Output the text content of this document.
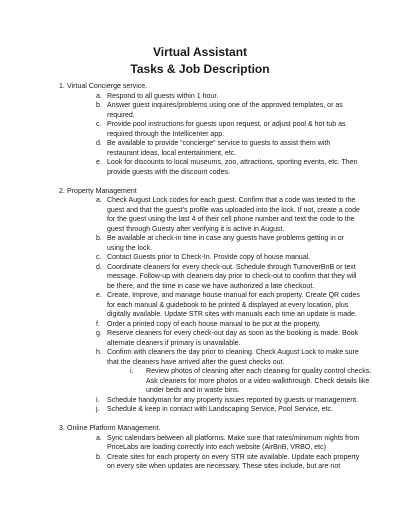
Virtual Assistant
Tasks & Job Description
1. Virtual Concierge service.
a. Respond to all guests within 1 hour.
b. Answer guest inquires/problems using one of the approved templates, or as
required.
c. Provide pool instructions for guests upon request, or adjust pool & hot tub as
required through the Intellicenter app.
d. Be available to provide “concierge” service to guests to assist them with
restaurant ideas, local entertainment, etc.
e. Look for discounts to local museums, zoo, attractions, sporting events, etc. Then
provide guests with the discount codes.
2. Property Management
a. Check August Lock codes for each guest. Confirm that a code was texted to the
guest and that the guest’s profile was uploaded into the lock. If not, create a code
for the guest using the last 4 of their cell phone number and text the code to the
guest through Guesty after verifying it is active in August.
b. Be available at check-in time in case any guests have problems getting in or
using the lock.
c. Contact Guests prior to Check-In. Provide copy of house manual.
d. Coordinate cleaners for every check-out. Schedule through TurnoverBnB or text
message. Follow-up with cleaners day prior to check-out to confirm that they will
be there, and the time in case we have authorized a late checkout.
e. Create, Improve, and manage house manual for each property. Create QR codes
for each manual & guidebook to be printed & displayed at every location, plus
digitally available. Update STR sites with manuals each time an update is made.
f. Order a printed copy of each house manual to be put at the property.
g. Reserve cleaners for every check-out day as soon as the booking is made. Book
alternate cleaners if primary is unavailable.
h. Confirm with cleaners the day prior to cleaning. Check August Lock to make sure
that the cleaners have arrived after the guest checks out.
i. Review photos of cleaning after each cleaning for quality control checks.
Ask cleaners for more photos or a video walkthrough. Check details like
under beds and in waste bins.
i. Schedule handyman for any property issues reported by guests or management.
j. Schedule & keep in contact with Landscaping Service, Pool Service, etc.
3. Online Platform Management.
a. Sync calendars between all platforms. Make sure that rates/minimum nights from
PriceLabs are loading correctly into each website (AirBnB, VRBO, etc)
b. Create sites for each property on every STR site available. Update each property
on every site when updates are necessary. These sites include, but are not
